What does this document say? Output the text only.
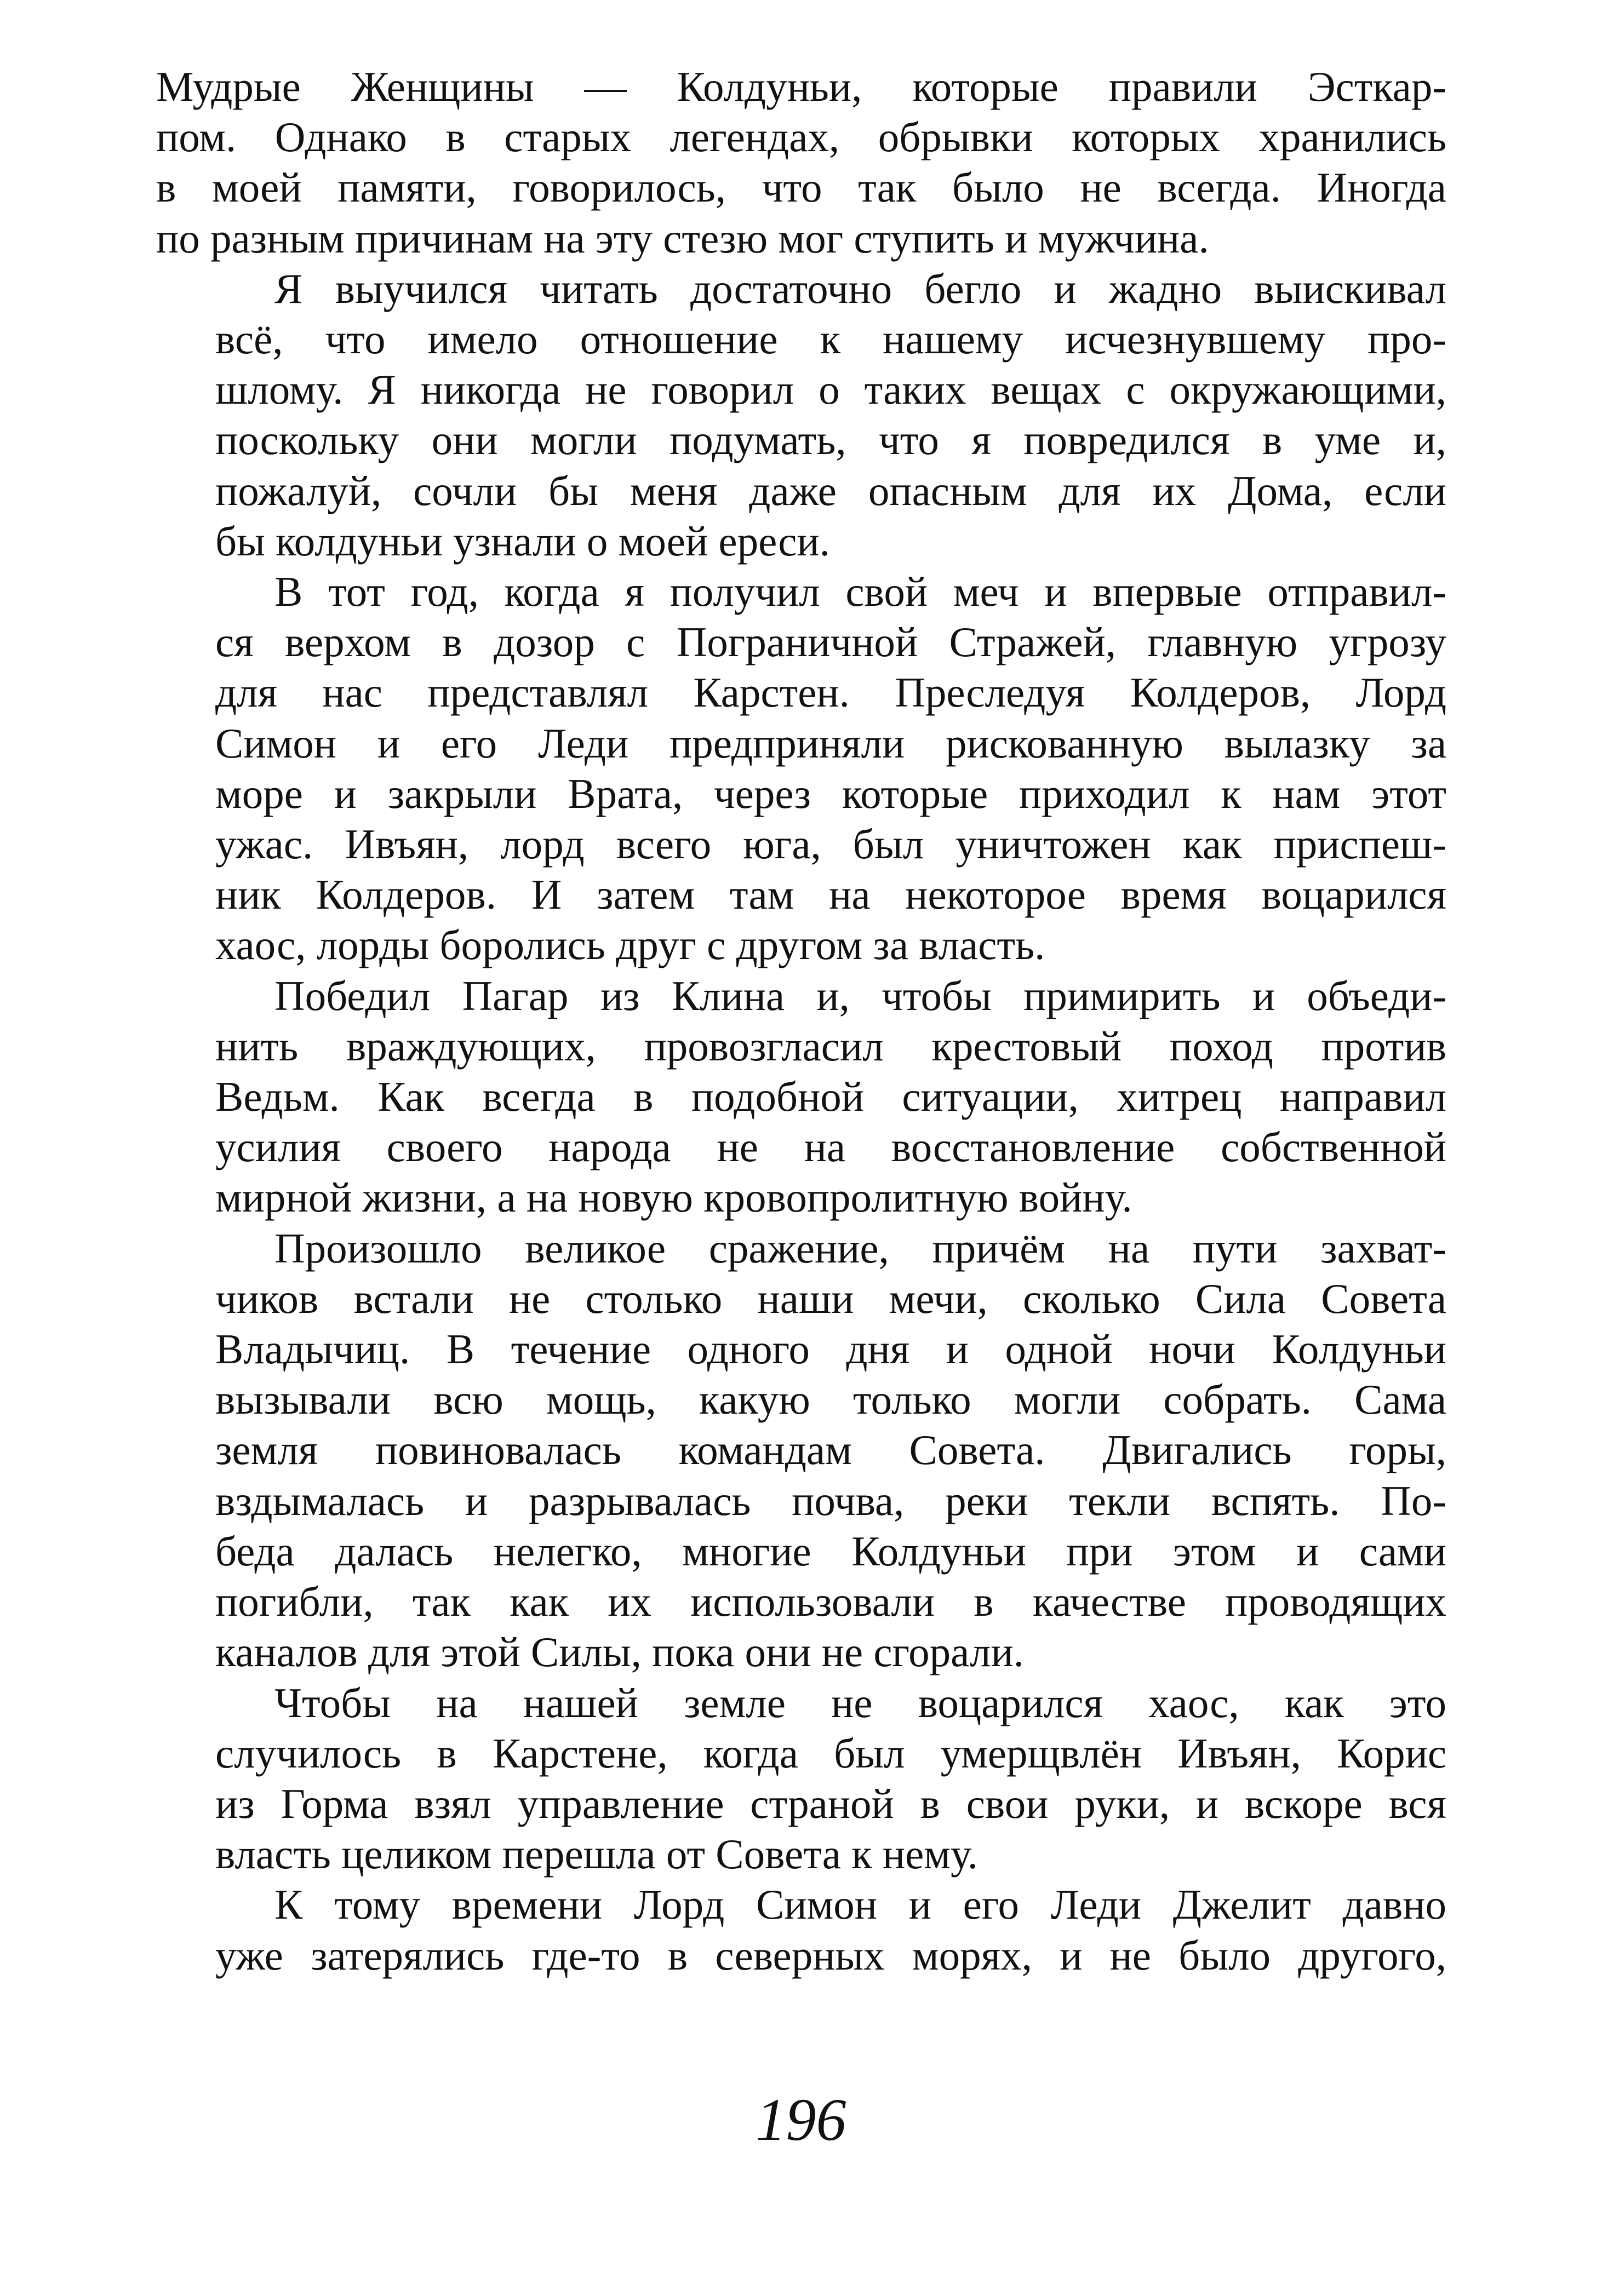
Мудрые Женщины — Колдуньи, которые правили Эсткар-
пом. Однако в старых легендах, обрывки которых хранились
в моей памяти, говорилось, что так было не всегда. Иногда
по разным причинам на эту стезю мог ступить и мужчина.

Я выучился читать достаточно бегло и жадно выискивал
всё, что имело отношение к нашему исчезнувшему про-
шлому. Я никогда не говорил о таких вещах с окружающими,
поскольку они могли подумать, что я повредился в уме и,
пожалуй, сочли бы меня даже опасным для их Дома, если
бы колдуньи узнали о моей ереси.

В тот год, когда я получил свой меч и впервые отправил-
ся верхом в дозор с Пограничной Стражей, главную угрозу
для нас представлял Карстен. Преследуя Колдеров, Лорд
Симон и его Леди предприняли рискованную вылазку за
море и закрыли Врата, через которые приходил к нам этот
ужас. Ивъян, лорд всего юга, был уничтожен как приспеш-
ник Колдеров. И затем там на некоторое время воцарился
хаос, лорды боролись друг с другом за власть.

Победил Пагар из Клина и, чтобы примирить и объеди-
нить враждующих, провозгласил крестовый поход против
Ведьм. Как всегда в подобной ситуации, хитрец направил
усилия своего народа не на восстановление собственной
мирной жизни, а на новую кровопролитную войну.

Произошло великое сражение, причём на пути захват-
чиков встали не столько наши мечи, сколько Сила Совета
Владычиц. В течение одного дня и одной ночи Колдуньи
вызывали всю мощь, какую только могли собрать. Сама
земля повиновалась командам Совета. Двигались горы,
вздымалась и разрывалась почва, реки текли вспять. По-
беда далась нелегко, многие Колдуньи при этом и сами
погибли, так как их использовали в качестве проводящих
каналов для этой Силы, пока они не сгорали.

Чтобы на нашей земле не воцарился хаос, как это
случилось в Карстене, когда был умерщвлён Ивъян, Корис
из Горма взял управление страной в свои руки, и вскоре вся
власть целиком перешла от Совета к нему.

К тому времени Лорд Симон и его Леди Джелит давно
уже затерялись где-то в северных морях, и не было другого,

196
